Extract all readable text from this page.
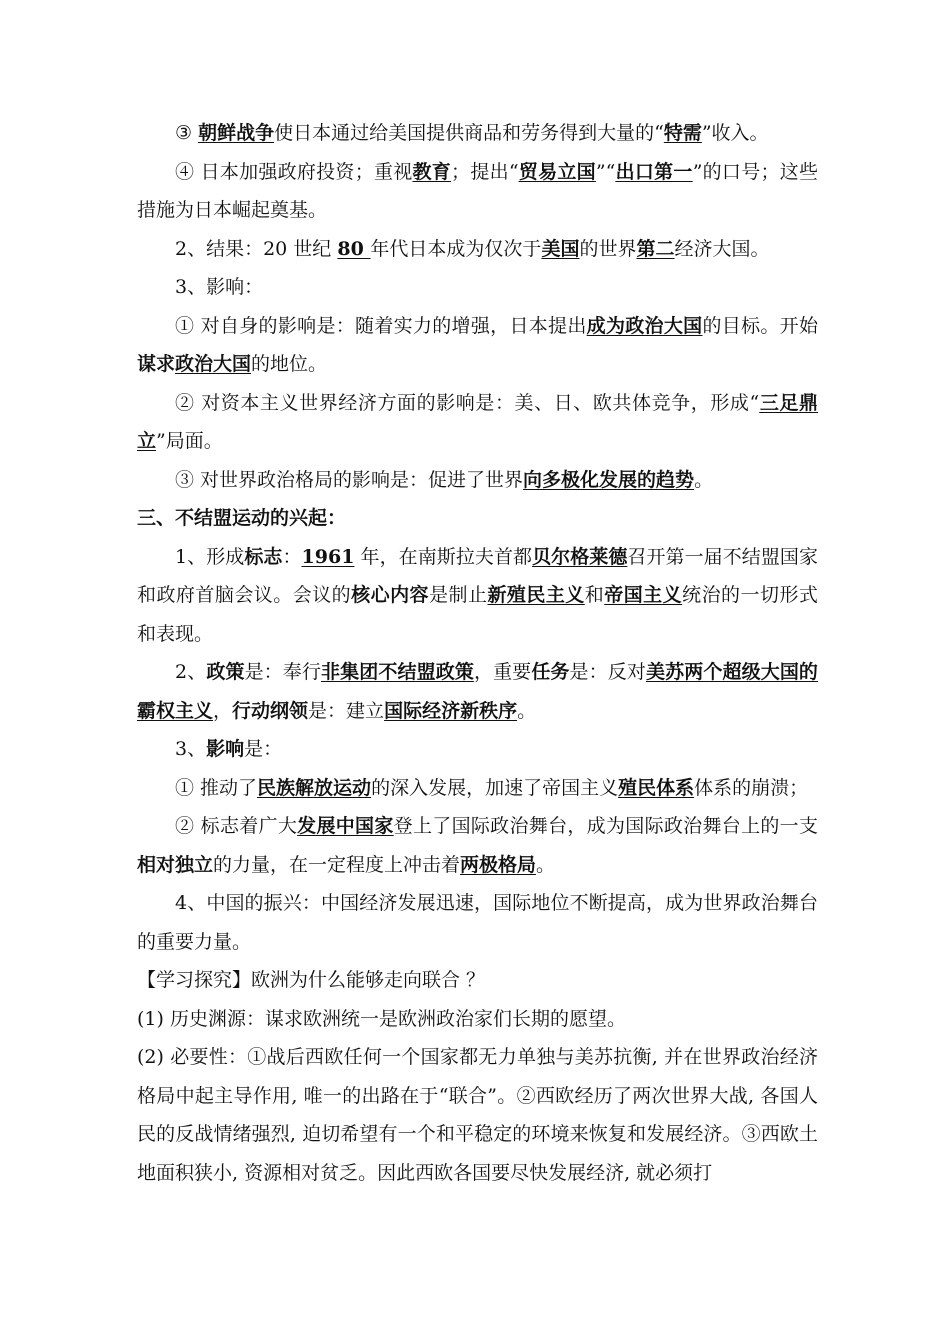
③ 朝鲜战争使日本通过给美国提供商品和劳务得到大量的“特需”收入。

④ 日本加强政府投资；重视教育；提出“贸易立国”“出口第一”的口号；这些措施为日本崛起奠基。

2、结果：20 世纪 80 年代日本成为仅次于美国的世界第二经济大国。

3、影响：

① 对自身的影响是：随着实力的增强，日本提出成为政治大国的目标。开始谋求政治大国的地位。

② 对资本主义世界经济方面的影响是：美、日、欧共体竞争，形成“三足鼎立”局面。

③ 对世界政治格局的影响是：促进了世界向多极化发展的趋势。

三、不结盟运动的兴起：

1、形成标志：1961 年，在南斯拉夫首都贝尔格莱德召开第一届不结盟国家和政府首脑会议。会议的核心内容是制止新殖民主义和帝国主义统治的一切形式和表现。

2、政策是：奉行非集团不结盟政策，重要任务是：反对美苏两个超级大国的霸权主义，行动纲领是：建立国际经济新秩序。

3、影响是：

① 推动了民族解放运动的深入发展，加速了帝国主义殖民体系体系的崩溃；

② 标志着广大发展中国家登上了国际政治舞台，成为国际政治舞台上的一支相对独立的力量，在一定程度上冲击着两极格局。

4、中国的振兴：中国经济发展迅速，国际地位不断提高，成为世界政治舞台的重要力量。

【学习探究】欧洲为什么能够走向联合 ？

(1) 历史渊源：谋求欧洲统一是欧洲政治家们长期的愿望。

(2) 必要性：①战后西欧任何一个国家都无力单独与美苏抗衡, 并在世界政治经济格局中起主导作用, 唯一的出路在于“联合”。②西欧经历了两次世界大战, 各国人民的反战情绪强烈, 迫切希望有一个和平稳定的环境来恢复和发展经济。③西欧土地面积狭小, 资源相对贫乏。因此西欧各国要尽快发展经济, 就必须打
